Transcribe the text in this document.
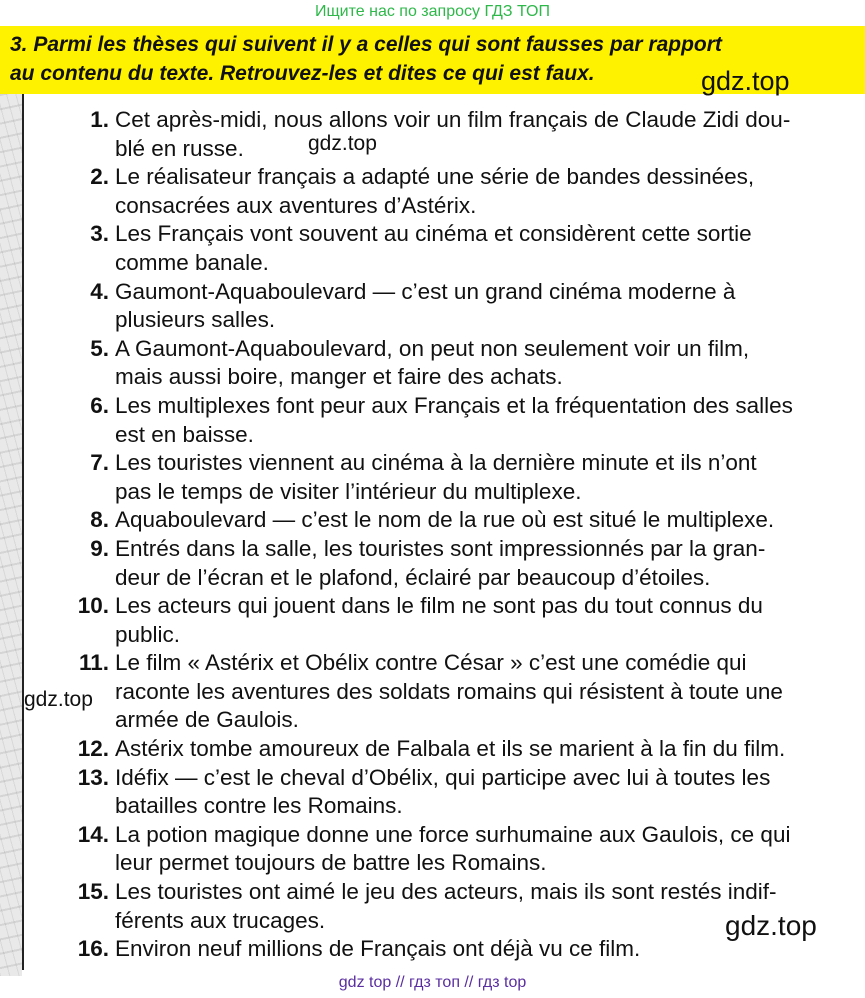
Ищите нас по запросу ГДЗ ТОП
3. Parmi les thèses qui suivent il y a celles qui sont fausses par rapport
au contenu du texte. Retrouvez-les et dites ce qui est faux.
1. Cet après-midi, nous allons voir un film français de Claude Zidi dou-
blé en russe.
2. Le réalisateur français a adapté une série de bandes dessinées,
consacrées aux aventures d’Astérix.
3. Les Français vont souvent au cinéma et considèrent cette sortie
comme banale.
4. Gaumont-Aquaboulevard — c’est un grand cinéma moderne à
plusieurs salles.
5. A Gaumont-Aquaboulevard, on peut non seulement voir un film,
mais aussi boire, manger et faire des achats.
6. Les multiplexes font peur aux Français et la fréquentation des salles
est en baisse.
7. Les touristes viennent au cinéma à la dernière minute et ils n’ont
pas le temps de visiter l’intérieur du multiplexe.
8. Aquaboulevard — c’est le nom de la rue où est situé le multiplexe.
9. Entrés dans la salle, les touristes sont impressionnés par la gran-
deur de l’écran et le plafond, éclairé par beaucoup d’étoiles.
10. Les acteurs qui jouent dans le film ne sont pas du tout connus du
public.
11. Le film « Astérix et Obélix contre César » c’est une comédie qui
raconte les aventures des soldats romains qui résistent à toute une
armée de Gaulois.
12. Astérix tombe amoureux de Falbala et ils se marient à la fin du film.
13. Idéfix — c’est le cheval d’Obélix, qui participe avec lui à toutes les
batailles contre les Romains.
14. La potion magique donne une force surhumaine aux Gaulois, ce qui
leur permet toujours de battre les Romains.
15. Les touristes ont aimé le jeu des acteurs, mais ils sont restés indif-
férents aux trucages.
16. Environ neuf millions de Français ont déjà vu ce film.
gdz.top
gdz.top
gdz.top
gdz.top
gdz top // гдз топ // гдз top
